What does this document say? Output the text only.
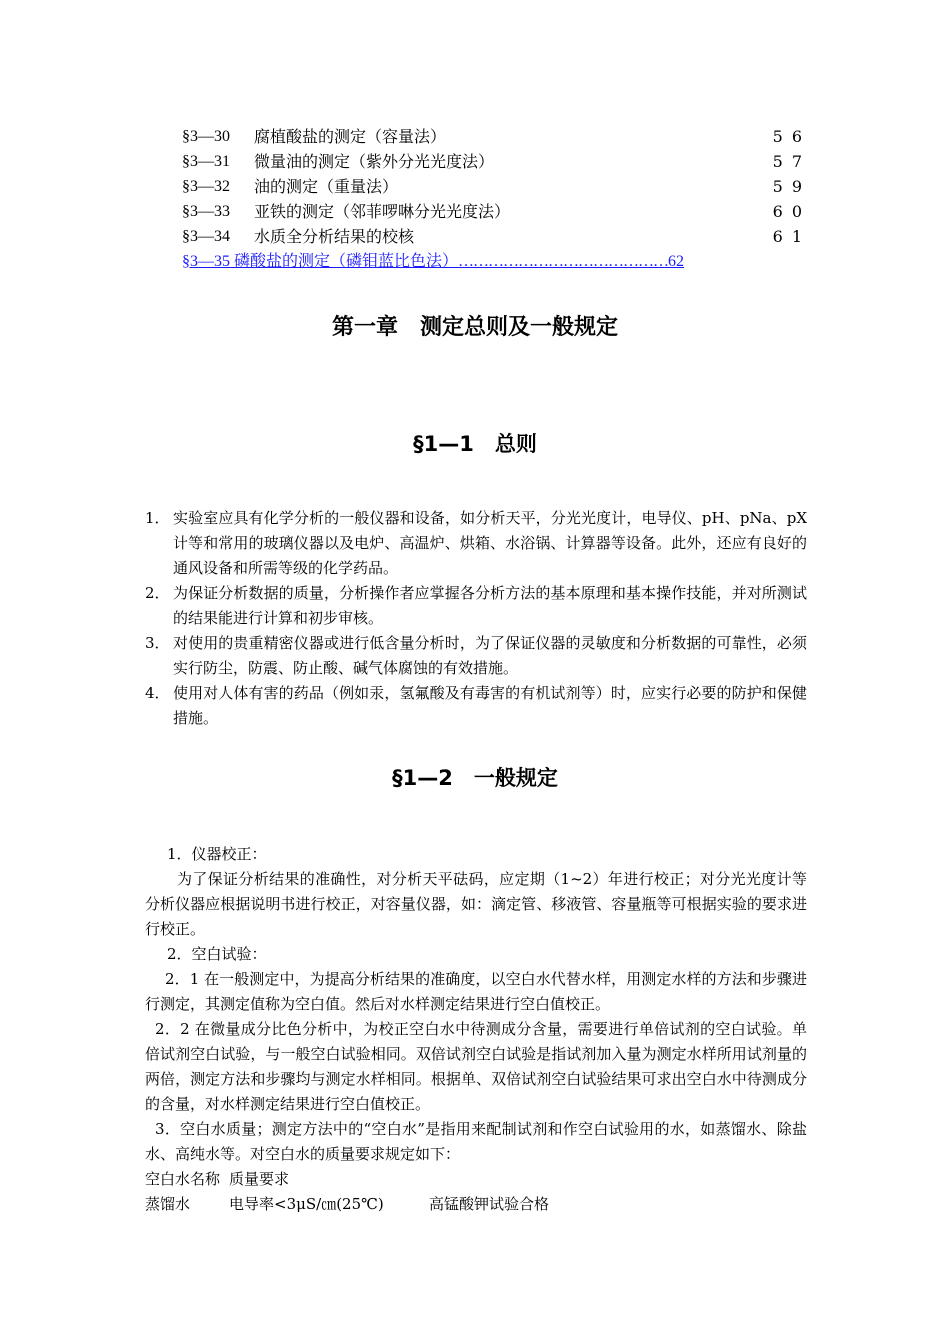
§3—30	腐植酸盐的测定（容量法）	56
§3—31	微量油的测定（紫外分光光度法）	57
§3—32	油的测定（重量法）	59
§3—33	亚铁的测定（邻菲啰啉分光光度法）	60
§3—34	水质全分析结果的校核	61
§3—35 磷酸盐的测定（磷钼蓝比色法）……………………………………62
第一章　测定总则及一般规定
§1—1　总则
1． 实验室应具有化学分析的一般仪器和设备，如分析天平，分光光度计，电导仪、pH、pNa、pX计等和常用的玻璃仪器以及电炉、高温炉、烘箱、水浴锅、计算器等设备。此外，还应有良好的通风设备和所需等级的化学药品。
2． 为保证分析数据的质量，分析操作者应掌握各分析方法的基本原理和基本操作技能，并对所测试的结果能进行计算和初步审核。
3． 对使用的贵重精密仪器或进行低含量分析时，为了保证仪器的灵敏度和分析数据的可靠性，必须实行防尘，防震、防止酸、碱气体腐蚀的有效措施。
4． 使用对人体有害的药品（例如汞，氢氟酸及有毒害的有机试剂等）时，应实行必要的防护和保健措施。
§1—2　一般规定

1．仪器校正：

为了保证分析结果的准确性，对分析天平砝码，应定期（1~2）年进行校正；对分光光度计等分析仪器应根据说明书进行校正，对容量仪器，如：滴定管、移液管、容量瓶等可根据实验的要求进行校正。

2．空白试验：

2．1 在一般测定中，为提高分析结果的准确度，以空白水代替水样，用测定水样的方法和步骤进行测定，其测定值称为空白值。然后对水样测定结果进行空白值校正。

2．2 在微量成分比色分析中，为校正空白水中待测成分含量，需要进行单倍试剂的空白试验。单倍试剂空白试验，与一般空白试验相同。双倍试剂空白试验是指试剂加入量为测定水样所用试剂量的两倍，测定方法和步骤均与测定水样相同。根据单、双倍试剂空白试验结果可求出空白水中待测成分的含量，对水样测定结果进行空白值校正。

3．空白水质量；测定方法中的“空白水”是指用来配制试剂和作空白试验用的水，如蒸馏水、除盐水、高纯水等。对空白水的质量要求规定如下：

空白水名称 质量要求
蒸馏水	电导率<3μS/㎝(25℃)	高锰酸钾试验合格
